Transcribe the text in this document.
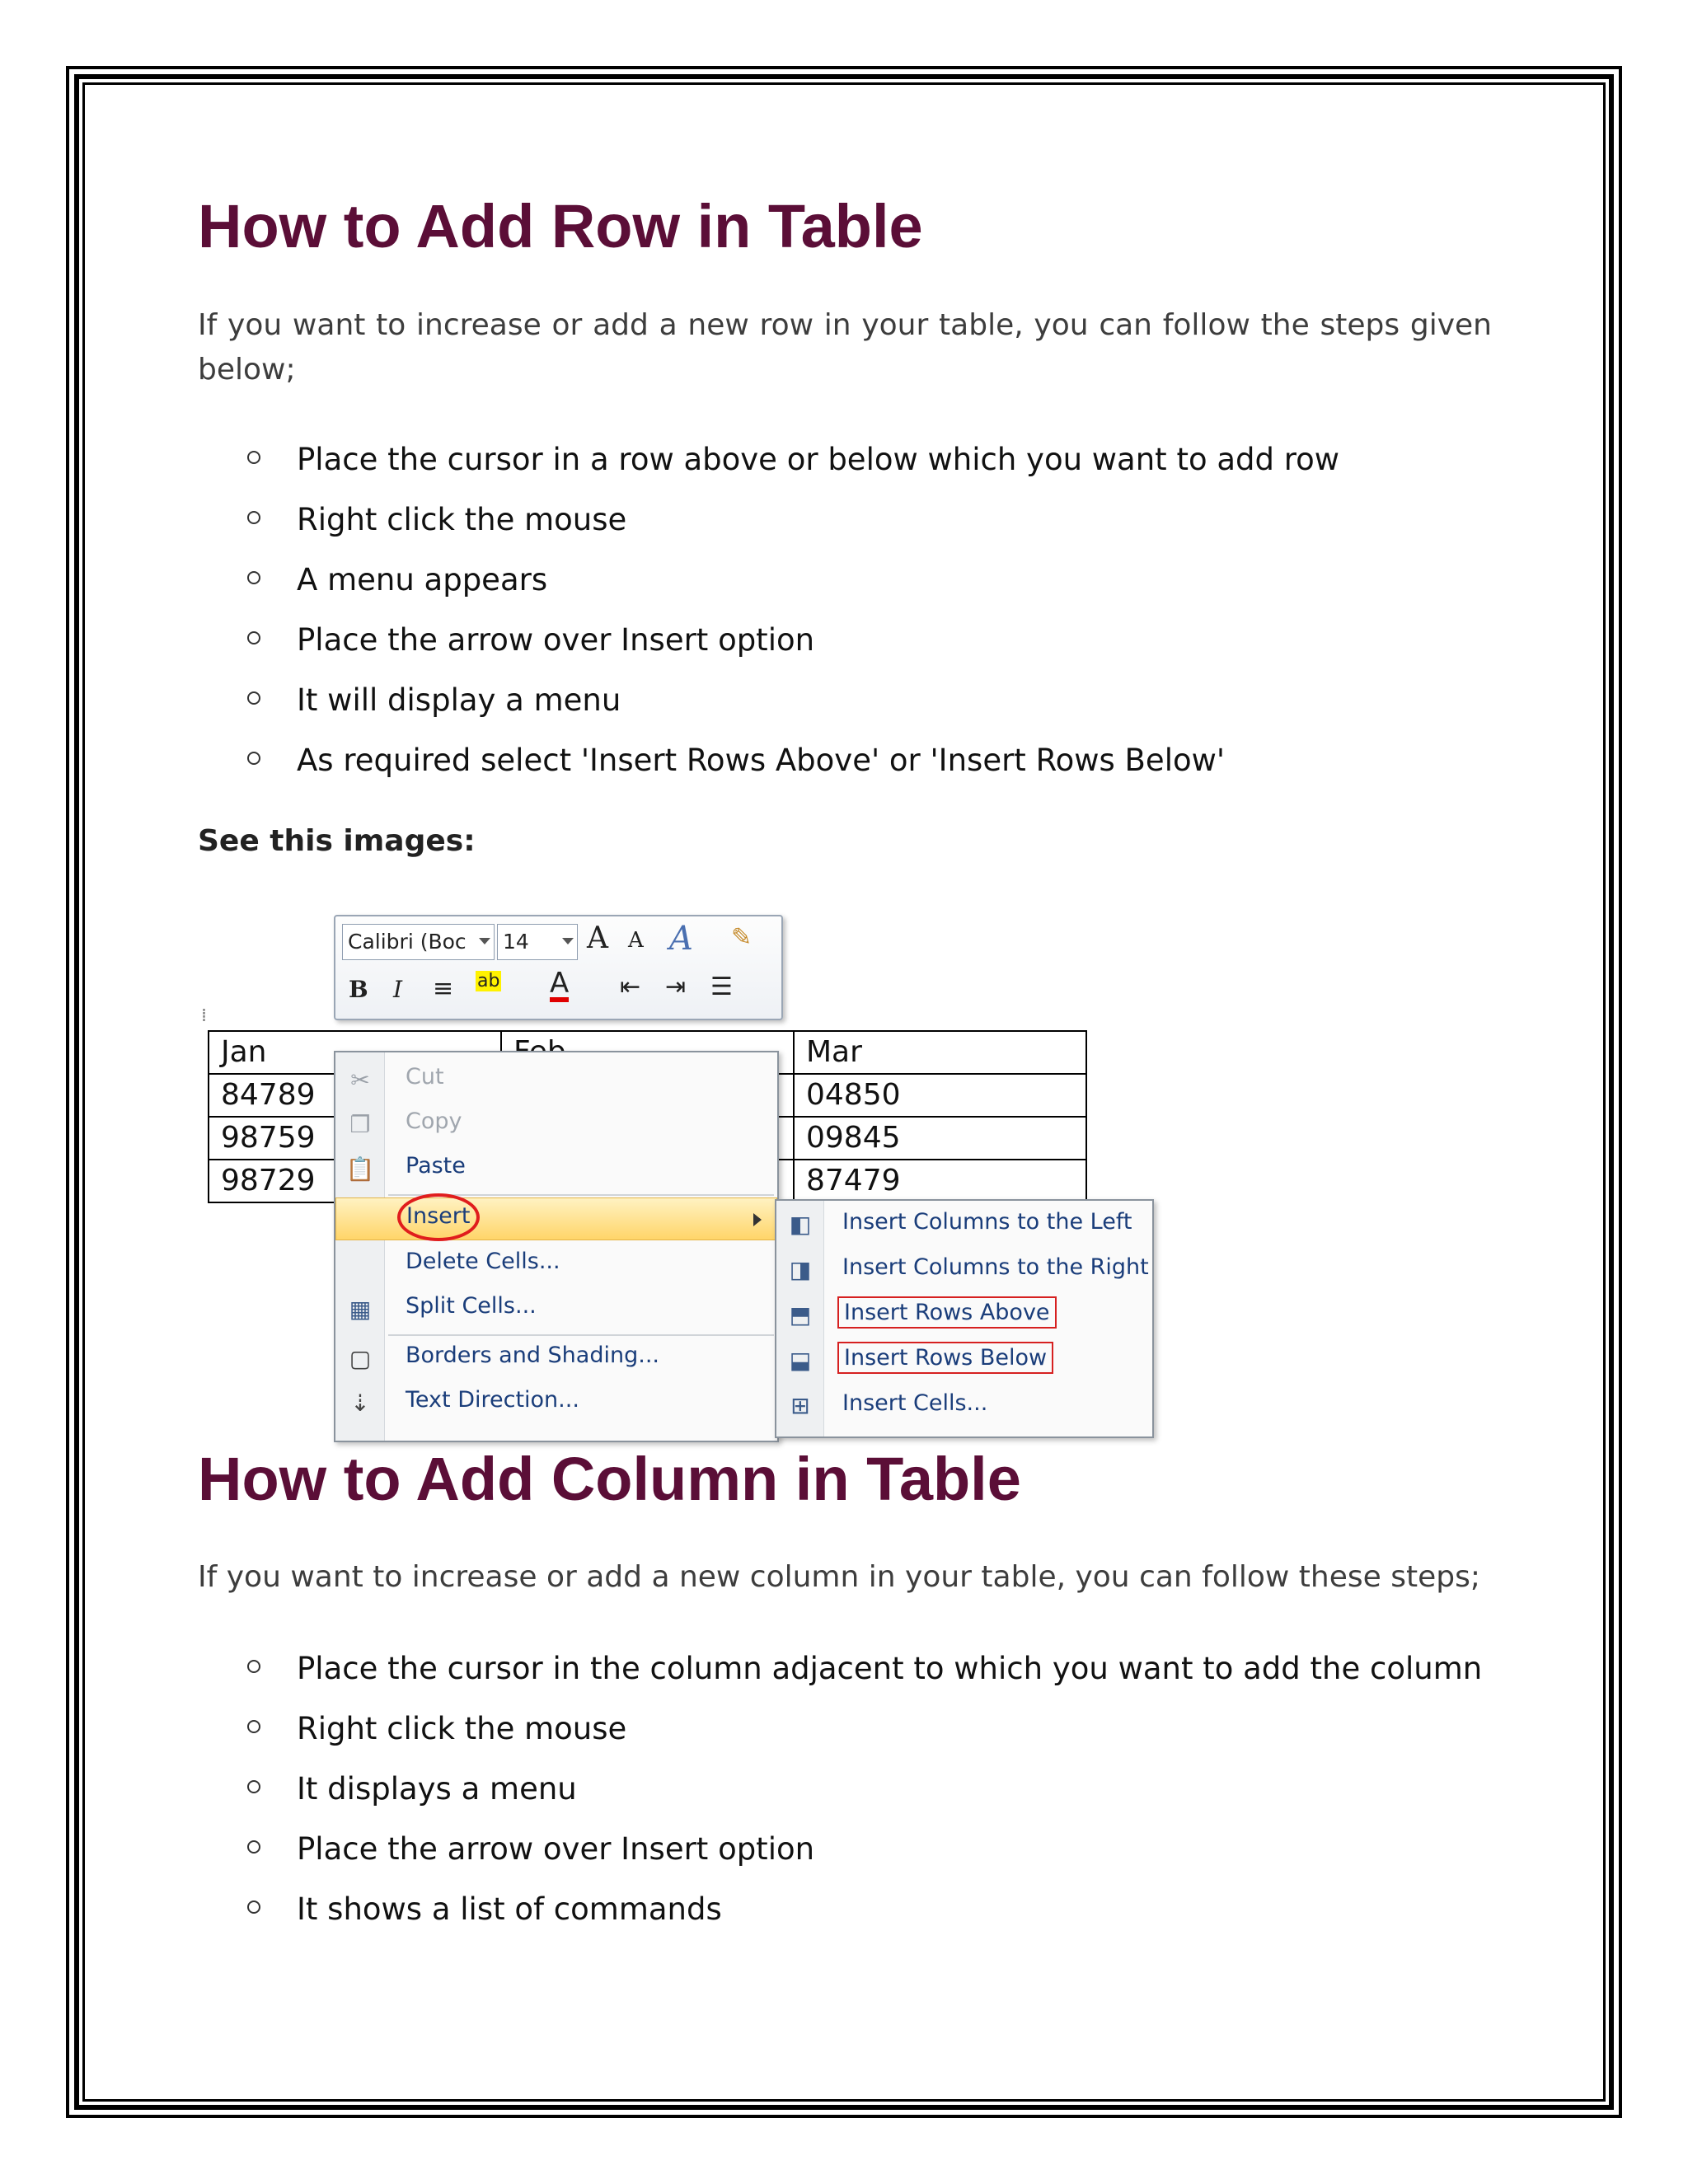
How to Add Row in Table

If you want to increase or add a new row in your table, you can follow the steps given below;

Place the cursor in a row above or below which you want to add row
Right click the mouse
A menu appears
Place the arrow over Insert option
It will display a menu
As required select 'Insert Rows Above' or 'Insert Rows Below'
See this images:
Calibri (Boc	14	A A A ✎
B I ≡ ab A ⇤ ⇥ ☰
⁞
Jan		Mar
84789		04850
98759		09845
98729		87479
✂ Cut
❐ Copy
📋 Paste
Insert
Delete Cells...
▦ Split Cells...
▢ Borders and Shading...
⇣ Text Direction...
◧ Insert Columns to the Left
◨ Insert Columns to the Right
⬒ Insert Rows Above
⬓ Insert Rows Below
⊞ Insert Cells...
How to Add Column in Table

If you want to increase or add a new column in your table, you can follow these steps;

Place the cursor in the column adjacent to which you want to add the column
Right click the mouse
It displays a menu
Place the arrow over Insert option
It shows a list of commands
